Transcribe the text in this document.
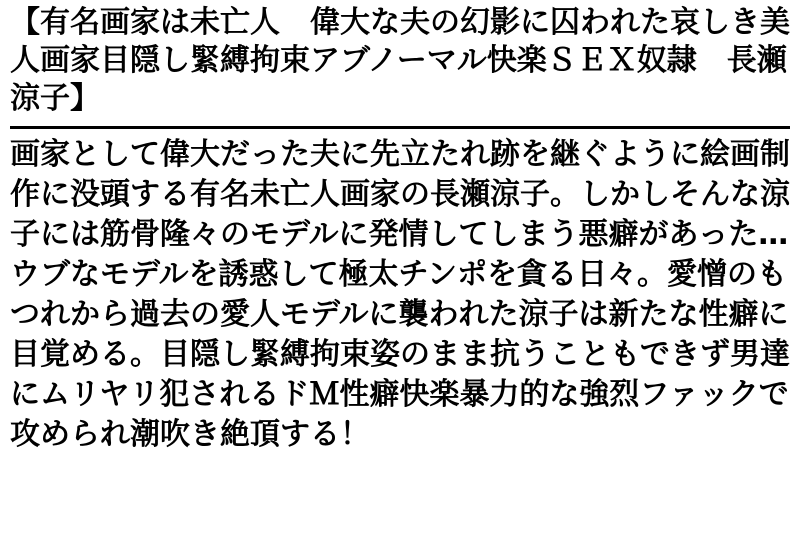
【有名画家は未亡人　偉大な夫の幻影に囚われた哀しき美人画家目隠し緊縛拘束アブノーマル快楽ＳＥＸ奴隷　長瀬涼子】
画家として偉大だった夫に先立たれ跡を継ぐように絵画制作に没頭する有名未亡人画家の長瀬涼子。しかしそんな涼子には筋骨隆々のモデルに発情してしまう悪癖があった…ウブなモデルを誘惑して極太チンポを貪る日々。愛憎のもつれから過去の愛人モデルに襲われた涼子は新たな性癖に目覚める。目隠し緊縛拘束姿のまま抗うこともできず男達にムリヤリ犯されるドＭ性癖快楽暴力的な強烈ファックで攻められ潮吹き絶頂する！
